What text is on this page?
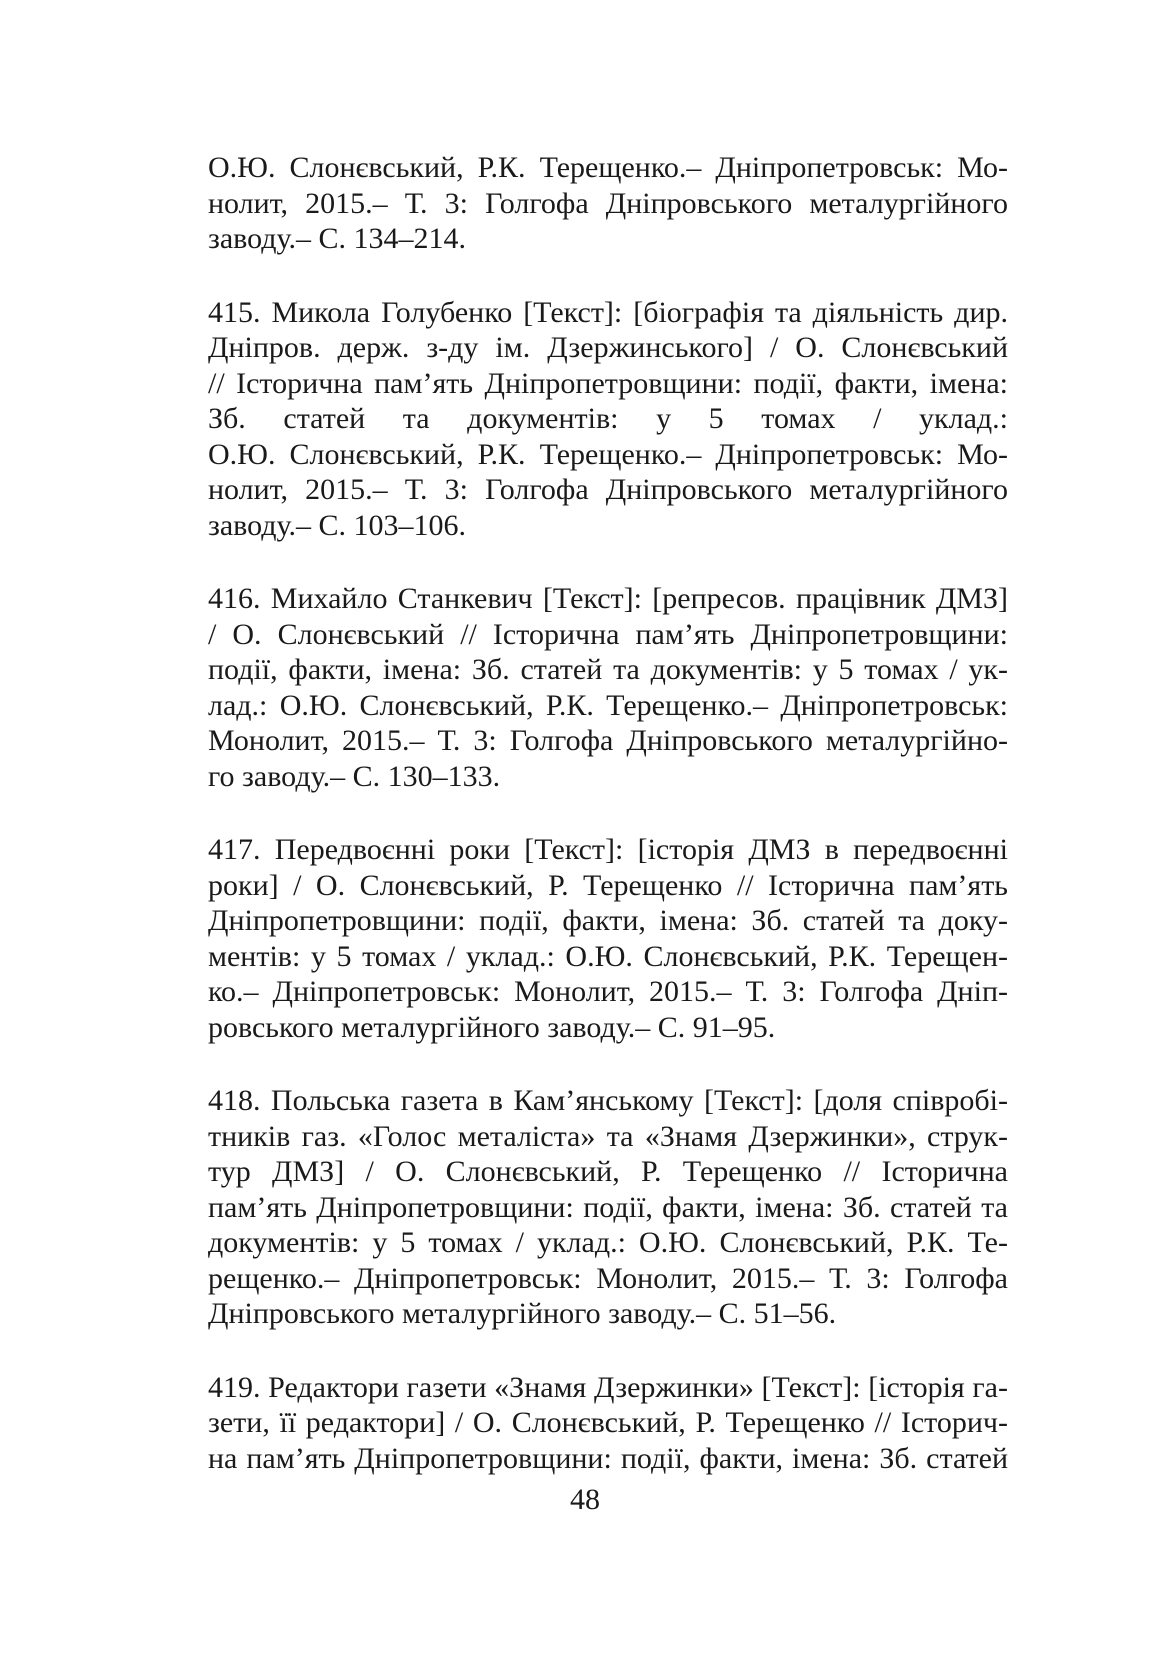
О.Ю. Слонєвський, Р.К. Терещенко.– Дніпропетровськ: Мо-
нолит, 2015.– Т. 3: Голгофа Дніпровського металургійного
заводу.– С. 134–214.
415. Микола Голубенко [Текст]: [біографія та діяльність дир.
Дніпров. держ. з-ду ім. Дзержинського] / О. Слонєвський
// Історична пам’ять Дніпропетровщини: події, факти, імена:
Зб. статей та документів: у 5 томах / уклад.:
О.Ю. Слонєвський, Р.К. Терещенко.– Дніпропетровськ: Мо-
нолит, 2015.– Т. 3: Голгофа Дніпровського металургійного
заводу.– С. 103–106.
416. Михайло Станкевич [Текст]: [репресов. працівник ДМЗ]
/ О. Слонєвський // Історична пам’ять Дніпропетровщини:
події, факти, імена: Зб. статей та документів: у 5 томах / ук-
лад.: О.Ю. Слонєвський, Р.К. Терещенко.– Дніпропетровськ:
Монолит, 2015.– Т. 3: Голгофа Дніпровського металургійно-
го заводу.– С. 130–133.
417. Передвоєнні роки [Текст]: [історія ДМЗ в передвоєнні
роки] / О. Слонєвський, Р. Терещенко // Історична пам’ять
Дніпропетровщини: події, факти, імена: Зб. статей та доку-
ментів: у 5 томах / уклад.: О.Ю. Слонєвський, Р.К. Терещен-
ко.– Дніпропетровськ: Монолит, 2015.– Т. 3: Голгофа Дніп-
ровського металургійного заводу.– С. 91–95.
418. Польська газета в Кам’янському [Текст]: [доля співробі-
тників газ. «Голос металіста» та «Знамя Дзержинки», струк-
тур ДМЗ] / О. Слонєвський, Р. Терещенко // Історична
пам’ять Дніпропетровщини: події, факти, імена: Зб. статей та
документів: у 5 томах / уклад.: О.Ю. Слонєвський, Р.К. Те-
рещенко.– Дніпропетровськ: Монолит, 2015.– Т. 3: Голгофа
Дніпровського металургійного заводу.– С. 51–56.
419. Редактори газети «Знамя Дзержинки» [Текст]: [історія га-
зети, її редактори] / О. Слонєвський, Р. Терещенко // Історич-
на пам’ять Дніпропетровщини: події, факти, імена: Зб. статей
48
